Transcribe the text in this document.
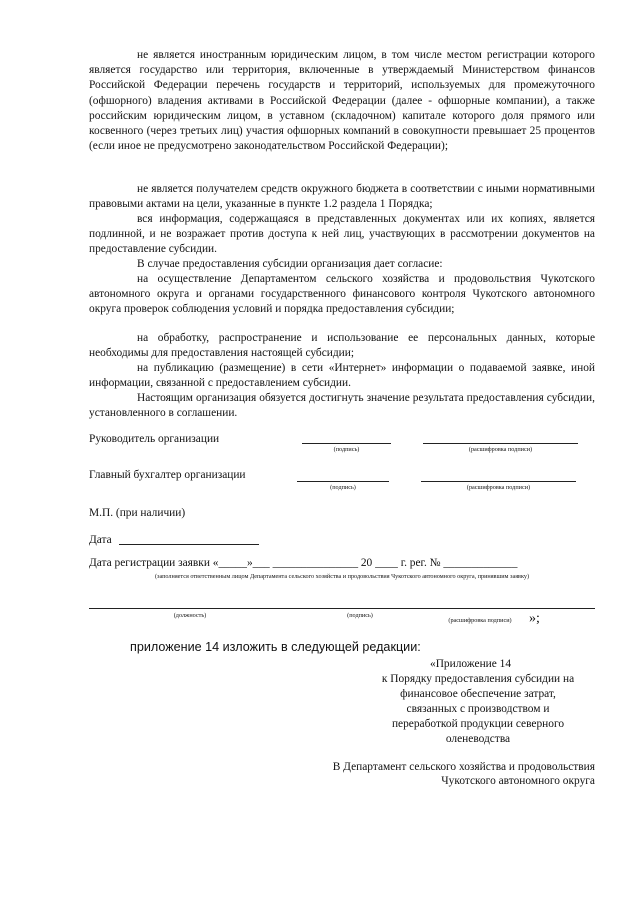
не является иностранным юридическим лицом, в том числе местом регистрации которого является государство или территория, включенные в утверждаемый Министерством финансов Российской Федерации перечень государств и территорий, используемых для промежуточного (офшорного) владения активами в Российской Федерации (далее - офшорные компании), а также российским юридическим лицом, в уставном (складочном) капитале которого доля прямого или косвенного (через третьих лиц) участия офшорных компаний в совокупности превышает 25 процентов (если иное не предусмотрено законодательством Российской Федерации);

не является получателем средств окружного бюджета в соответствии с иными нормативными правовыми актами на цели, указанные в пункте 1.2 раздела 1 Порядка;

вся информация, содержащаяся в представленных документах или их копиях, является подлинной, и не возражает против доступа к ней лиц, участвующих в рассмотрении документов на предоставление субсидии.

В случае предоставления субсидии организация дает согласие:

на осуществление Департаментом сельского хозяйства и продовольствия Чукотского автономного округа и органами государственного финансового контроля Чукотского автономного округа проверок соблюдения условий и порядка предоставления субсидии;

на обработку, распространение и использование ее персональных данных, которые необходимы для предоставления настоящей субсидии;

на публикацию (размещение) в сети «Интернет» информации о подаваемой заявке, иной информации, связанной с предоставлением субсидии.

Настоящим организация обязуется достигнуть значение результата предоставления субсидии, установленного в соглашении.

Руководитель организации

(подпись)	(расшифровка подписи)

Главный бухгалтер организации

(подпись)	(расшифровка подписи)

М.П. (при наличии)

Дата

Дата регистрации заявки «_____»___ _______________ 20 ____ г. рег. № _____________

(заполняется ответственным лицом Департамента сельского хозяйства и продовольствия Чукотского автономного округа, принявшим заявку)
(должность)	(подпись)
(расшифровка подписи)	»;
приложение 14 изложить в следующей редакции:
«Приложение 14
к Порядку предоставления субсидии на
финансовое обеспечение затрат,
связанных с производством и
переработкой продукции северного
оленеводства
В Департамент сельского хозяйства и продовольствия
Чукотского автономного округа
